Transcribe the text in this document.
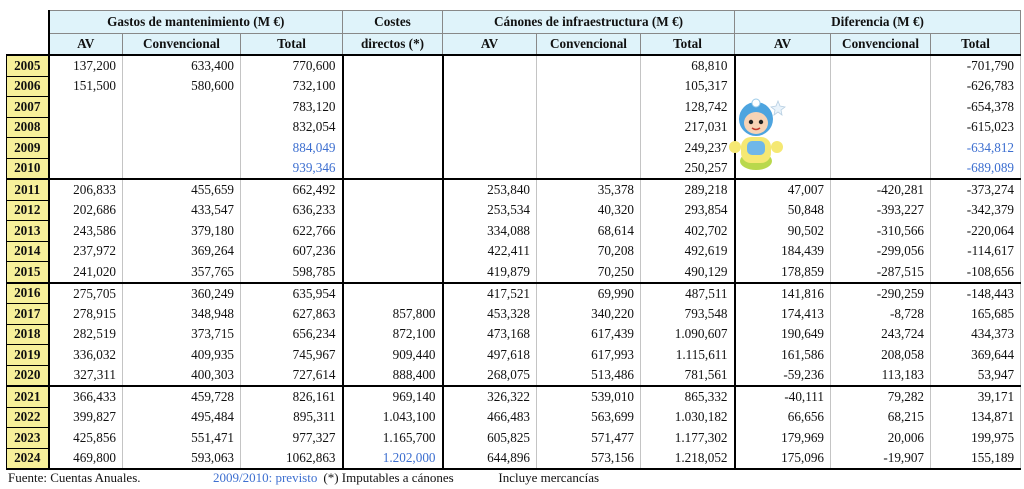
	Gastos de mantenimiento (M €)			Costes	Cánones de infraestructura (M €)			Diferencia (M €)		
	AV	Convencional	Total	directos (*)	AV	Convencional	Total	AV	Convencional	Total
2005	137,200	633,400	770,600				68,810			-701,790
2006	151,500	580,600	732,100				105,317			-626,783
2007			783,120				128,742			-654,378
2008			832,054				217,031			-615,023
2009			884,049				249,237			-634,812
2010			939,346				250,257			-689,089
2011	206,833	455,659	662,492		253,840	35,378	289,218	47,007	-420,281	-373,274
2012	202,686	433,547	636,233		253,534	40,320	293,854	50,848	-393,227	-342,379
2013	243,586	379,180	622,766		334,088	68,614	402,702	90,502	-310,566	-220,064
2014	237,972	369,264	607,236		422,411	70,208	492,619	184,439	-299,056	-114,617
2015	241,020	357,765	598,785		419,879	70,250	490,129	178,859	-287,515	-108,656
2016	275,705	360,249	635,954		417,521	69,990	487,511	141,816	-290,259	-148,443
2017	278,915	348,948	627,863	857,800	453,328	340,220	793,548	174,413	-8,728	165,685
2018	282,519	373,715	656,234	872,100	473,168	617,439	1.090,607	190,649	243,724	434,373
2019	336,032	409,935	745,967	909,440	497,618	617,993	1.115,611	161,586	208,058	369,644
2020	327,311	400,303	727,614	888,400	268,075	513,486	781,561	-59,236	113,183	53,947
2021	366,433	459,728	826,161	969,140	326,322	539,010	865,332	-40,111	79,282	39,171
2022	399,827	495,484	895,311	1.043,100	466,483	563,699	1.030,182	66,656	68,215	134,871
2023	425,856	551,471	977,327	1.165,700	605,825	571,477	1.177,302	179,969	20,006	199,975
2024	469,800	593,063	1062,863	1.202,000	644,896	573,156	1.218,052	175,096	-19,907	155,189
Fuente: Cuentas Anuales.	2009/2010: previsto (*) Imputables a cánones	Incluye mercancías
